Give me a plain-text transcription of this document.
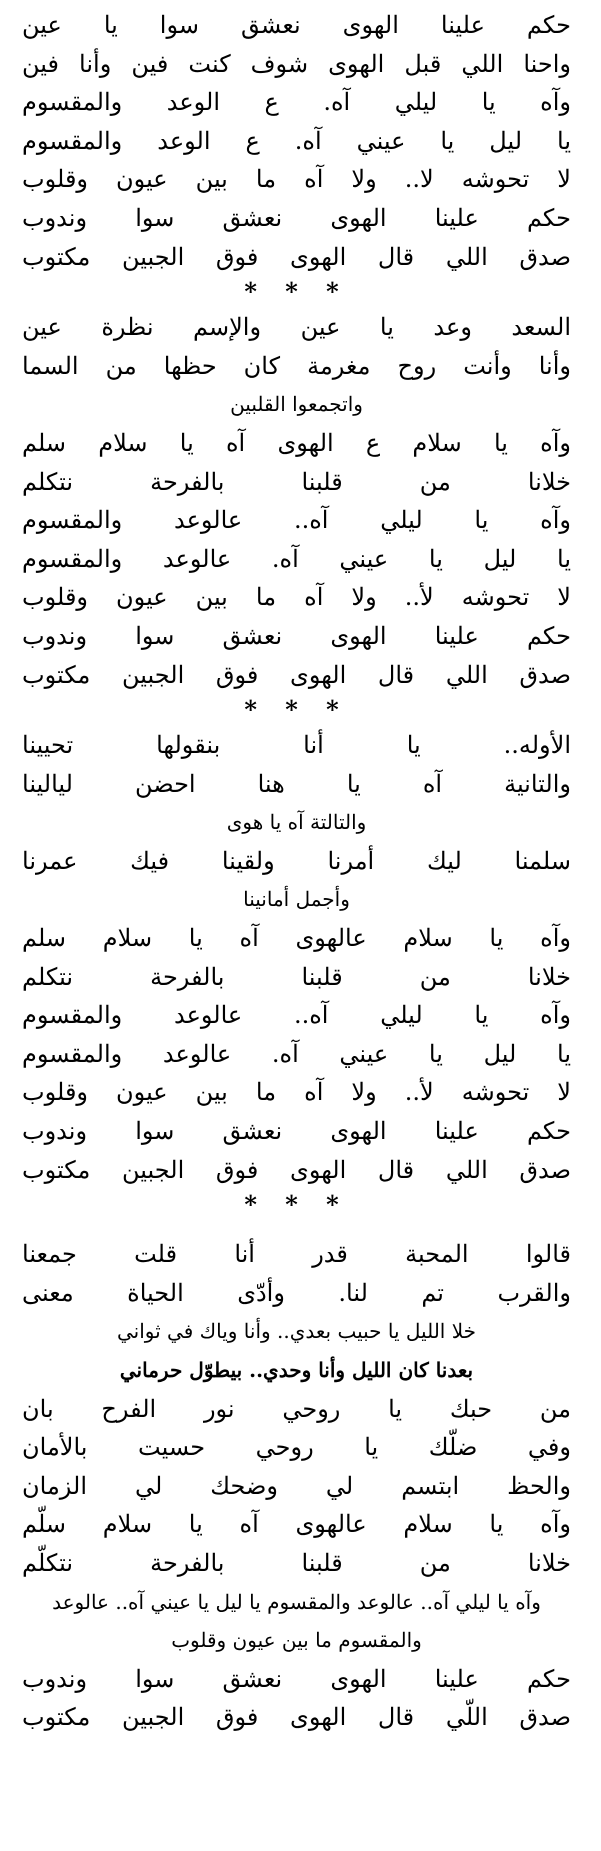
حكم علينا الهوى نعشق سوا يا عين
واحنا اللي قبل الهوى شوف كنت فين وأنا فين
وآه يا ليلي آه. ع الوعد والمقسوم
يا ليل يا عيني آه. ع الوعد والمقسوم
لا تحوشه لا.. ولا آه ما بين عيون وقلوب
حكم علينا الهوى نعشق سوا وندوب
صدق اللي قال الهوى فوق الجبين مكتوب
* * *
السعد وعد يا عين والإسم نظرة عين
وأنا وأنت روح مغرمة كان حظها من السما
واتجمعوا القلبين
وآه يا سلام ع الهوى آه يا سلام سلم
خلانا من قلبنا بالفرحة نتكلم
وآه يا ليلي آه.. عالوعد والمقسوم
يا ليل يا عيني آه. عالوعد والمقسوم
لا تحوشه لأ.. ولا آه ما بين عيون وقلوب
حكم علينا الهوى نعشق سوا وندوب
صدق اللي قال الهوى فوق الجبين مكتوب
* * *
الأوله.. يا أنا بنقولها تحيينا
والتانية آه يا هنا احضن ليالينا
والتالتة آه يا هوى
سلمنا ليك أمرنا ولقينا فيك عمرنا
وأجمل أمانينا
وآه يا سلام عالهوى آه يا سلام سلم
خلانا من قلبنا بالفرحة نتكلم
وآه يا ليلي آه.. عالوعد والمقسوم
يا ليل يا عيني آه. عالوعد والمقسوم
لا تحوشه لأ.. ولا آه ما بين عيون وقلوب
حكم علينا الهوى نعشق سوا وندوب
صدق اللي قال الهوى فوق الجبين مكتوب
* * *
قالوا المحبة قدر أنا قلت جمعنا
والقرب تم لنا. وأدّى الحياة معنى
خلا الليل يا حبيب بعدي.. وأنا وياك في ثواني
بعدنا كان الليل وأنا وحدي.. بيطوّل حرماني
من حبك يا روحي نور الفرح بان
وفي ضلّك يا روحي حسيت بالأمان
والحظ ابتسم لي وضحك لي الزمان
وآه يا سلام عالهوى آه يا سلام سلّم
خلانا من قلبنا بالفرحة نتكلّم
وآه يا ليلي آه.. عالوعد والمقسوم يا ليل يا عيني آه.. عالوعد
والمقسوم ما بين عيون وقلوب
حكم علينا الهوى نعشق سوا وندوب
صدق اللّي قال الهوى فوق الجبين مكتوب
